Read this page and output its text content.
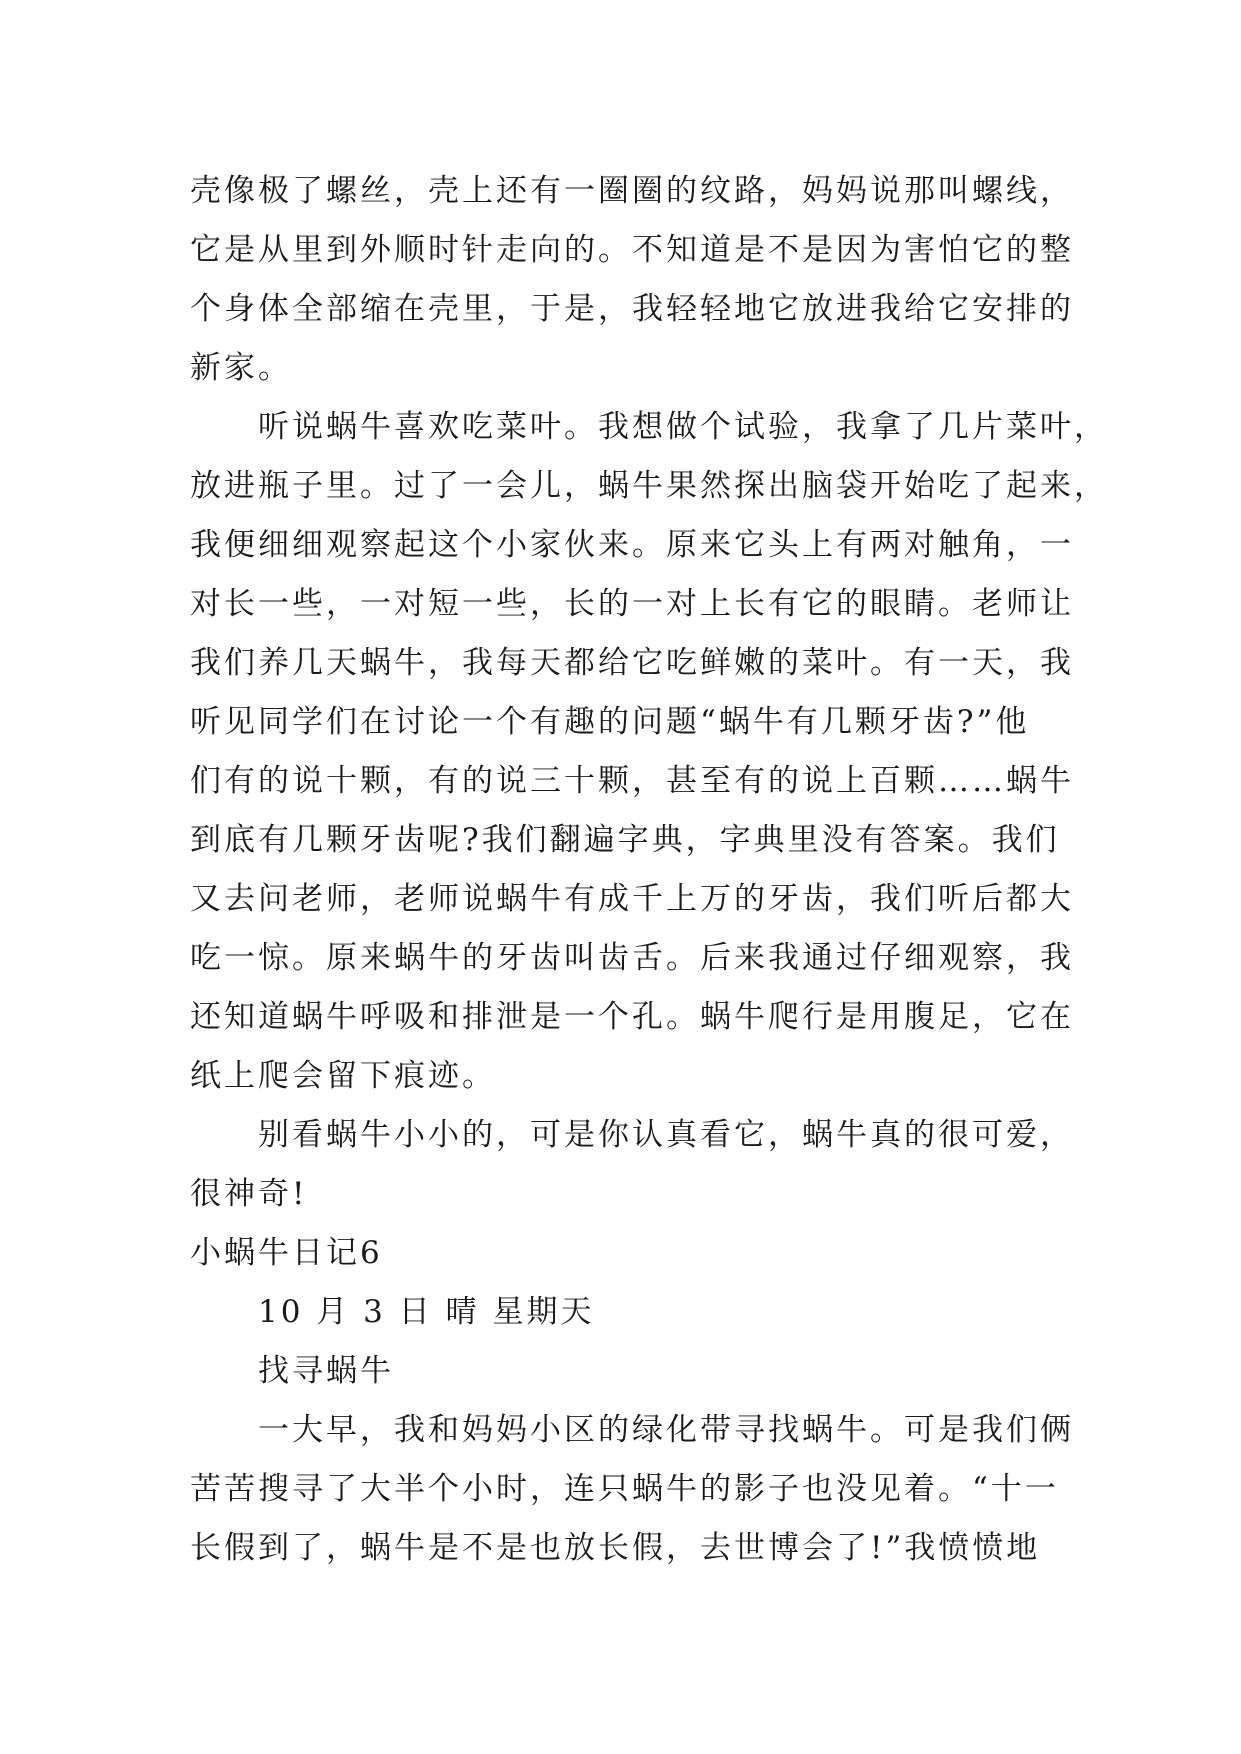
壳像极了螺丝，壳上还有一圈圈的纹路，妈妈说那叫螺线，
它是从里到外顺时针走向的。不知道是不是因为害怕它的整
个身体全部缩在壳里，于是，我轻轻地它放进我给它安排的
新家。
听说蜗牛喜欢吃菜叶。我想做个试验，我拿了几片菜叶，
放进瓶子里。过了一会儿，蜗牛果然探出脑袋开始吃了起来，
我便细细观察起这个小家伙来。原来它头上有两对触角，一
对长一些，一对短一些，长的一对上长有它的眼睛。老师让
我们养几天蜗牛，我每天都给它吃鲜嫩的菜叶。有一天，我
听见同学们在讨论一个有趣的问题“蜗牛有几颗牙齿?”他
们有的说十颗，有的说三十颗，甚至有的说上百颗……蜗牛
到底有几颗牙齿呢?我们翻遍字典，字典里没有答案。我们
又去问老师，老师说蜗牛有成千上万的牙齿，我们听后都大
吃一惊。原来蜗牛的牙齿叫齿舌。后来我通过仔细观察，我
还知道蜗牛呼吸和排泄是一个孔。蜗牛爬行是用腹足，它在
纸上爬会留下痕迹。
别看蜗牛小小的，可是你认真看它，蜗牛真的很可爱，
很神奇!
小蜗牛日记6
10 月 3 日 晴 星期天
找寻蜗牛
一大早，我和妈妈小区的绿化带寻找蜗牛。可是我们俩
苦苦搜寻了大半个小时，连只蜗牛的影子也没见着。“十一
长假到了，蜗牛是不是也放长假，去世博会了!”我愤愤地
